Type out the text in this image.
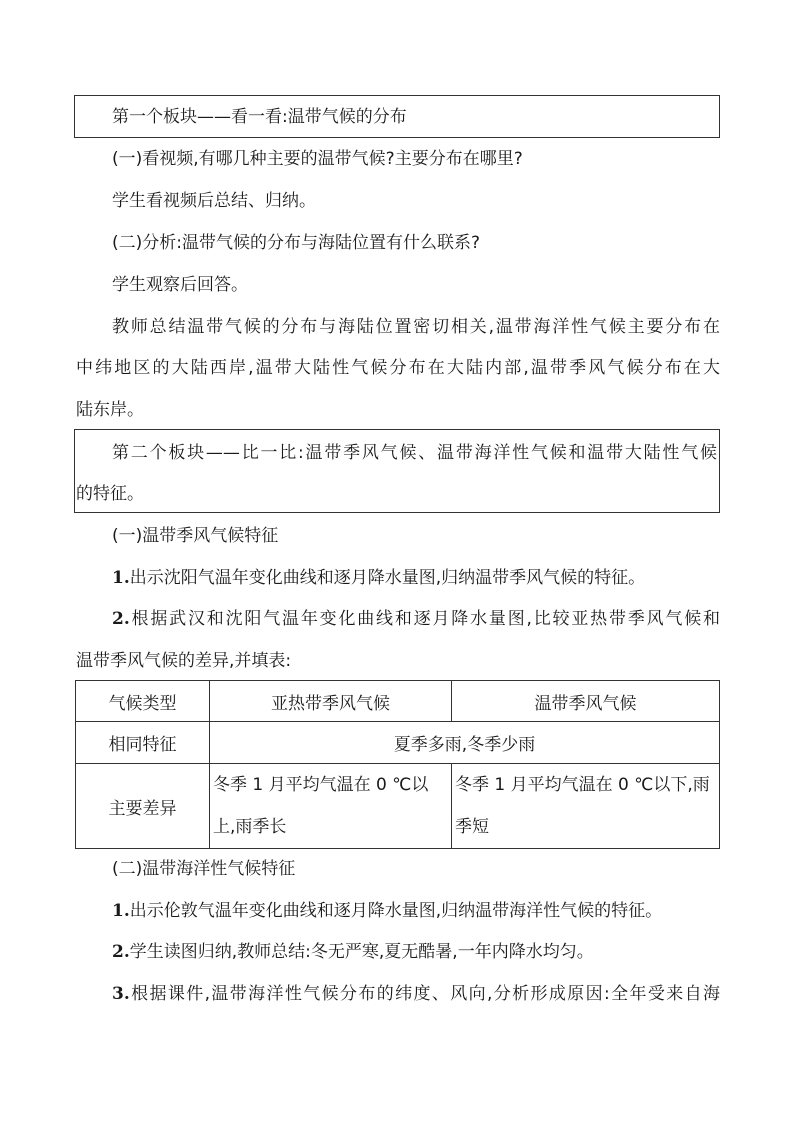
第一个板块——看一看:温带气候的分布
(一)看视频,有哪几种主要的温带气候?主要分布在哪里?
学生看视频后总结、归纳。
(二)分析:温带气候的分布与海陆位置有什么联系?
学生观察后回答。
教师总结温带气候的分布与海陆位置密切相关,温带海洋性气候主要分布在
中纬地区的大陆西岸,温带大陆性气候分布在大陆内部,温带季风气候分布在大
陆东岸。
第二个板块——比一比:温带季风气候、温带海洋性气候和温带大陆性气候
的特征。
(一)温带季风气候特征
1.出示沈阳气温年变化曲线和逐月降水量图,归纳温带季风气候的特征。
2.根据武汉和沈阳气温年变化曲线和逐月降水量图,比较亚热带季风气候和
温带季风气候的差异,并填表:
气候类型	亚热带季风气候	温带季风气候
相同特征	夏季多雨,冬季少雨	
主要差异	冬季 1 月平均气温在 0 ℃以上,雨季长	冬季 1 月平均气温在 0 ℃以下,雨季短
(二)温带海洋性气候特征
1.出示伦敦气温年变化曲线和逐月降水量图,归纳温带海洋性气候的特征。
2.学生读图归纳,教师总结:冬无严寒,夏无酷暑,一年内降水均匀。
3.根据课件,温带海洋性气候分布的纬度、风向,分析形成原因:全年受来自海
